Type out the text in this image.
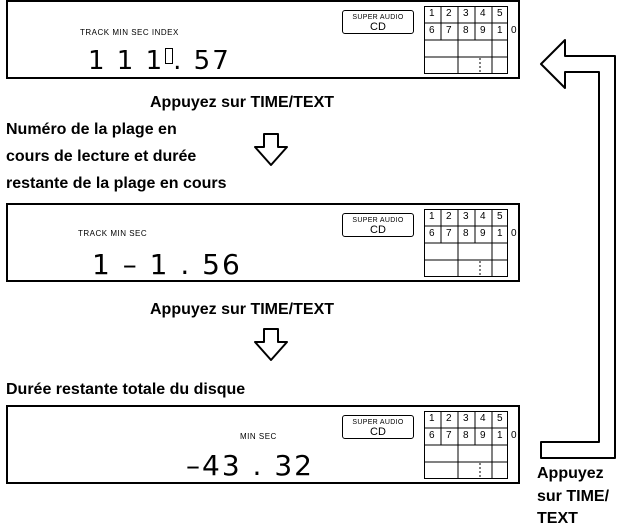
TRACK MIN SEC INDEX
1 1 1 . 57
SUPER AUDIO
CD
1 2 3 4 5
6 7 8 9 1 0
Appuyez sur TIME/TEXT
Numéro de la plage en
cours de lecture et durée
restante de la plage en cours
TRACK MIN SEC
1 – 1 . 56
SUPER AUDIO
CD
1 2 3 4 5
6 7 8 9 1 0
Appuyez sur TIME/TEXT
Durée restante totale du disque
MIN SEC
–43 . 32
SUPER AUDIO
CD
1 2 3 4 5
6 7 8 9 1 0
Appuyez
sur TIME/
TEXT
